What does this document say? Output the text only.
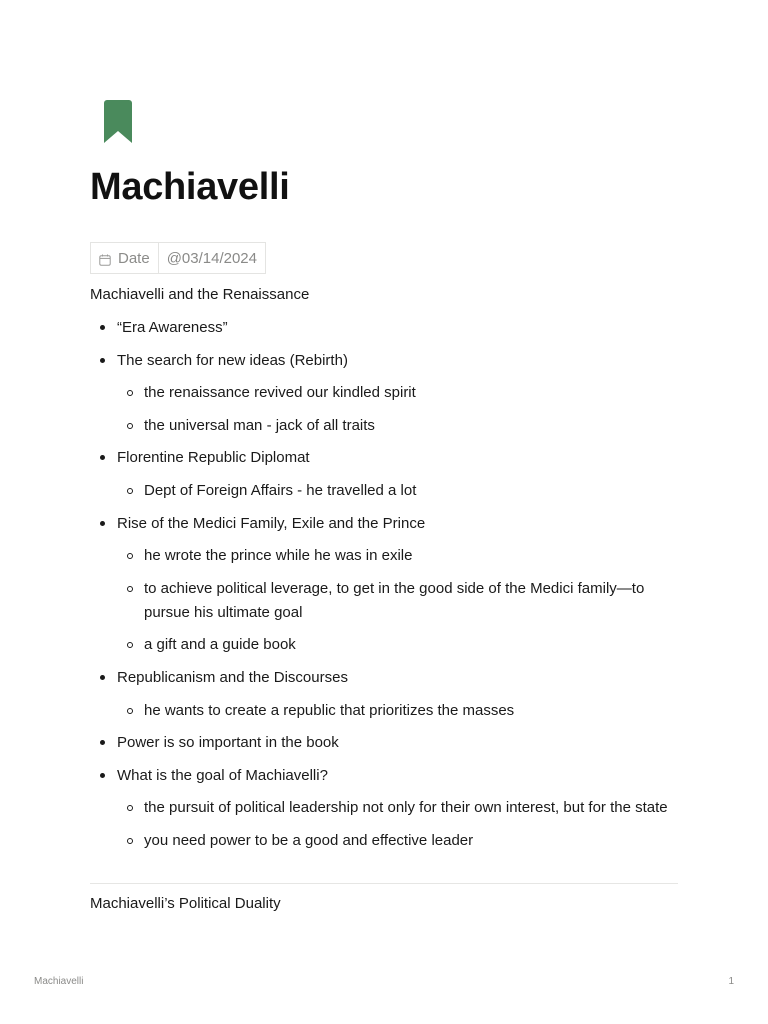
Machiavelli
Date	@03/14/2024

Machiavelli and the Renaissance

“Era Awareness”
The search for new ideas (Rebirth)
the renaissance revived our kindled spirit
the universal man - jack of all traits
Florentine Republic Diplomat
Dept of Foreign Affairs - he travelled a lot
Rise of the Medici Family, Exile and the Prince
he wrote the prince while he was in exile
to achieve political leverage, to get in the good side of the Medici family—to pursue his ultimate goal
a gift and a guide book
Republicanism and the Discourses
he wants to create a republic that prioritizes the masses
Power is so important in the book
What is the goal of Machiavelli?
the pursuit of political leadership not only for their own interest, but for the state
you need power to be a good and effective leader

Machiavelli’s Political Duality

Machiavelli	1
